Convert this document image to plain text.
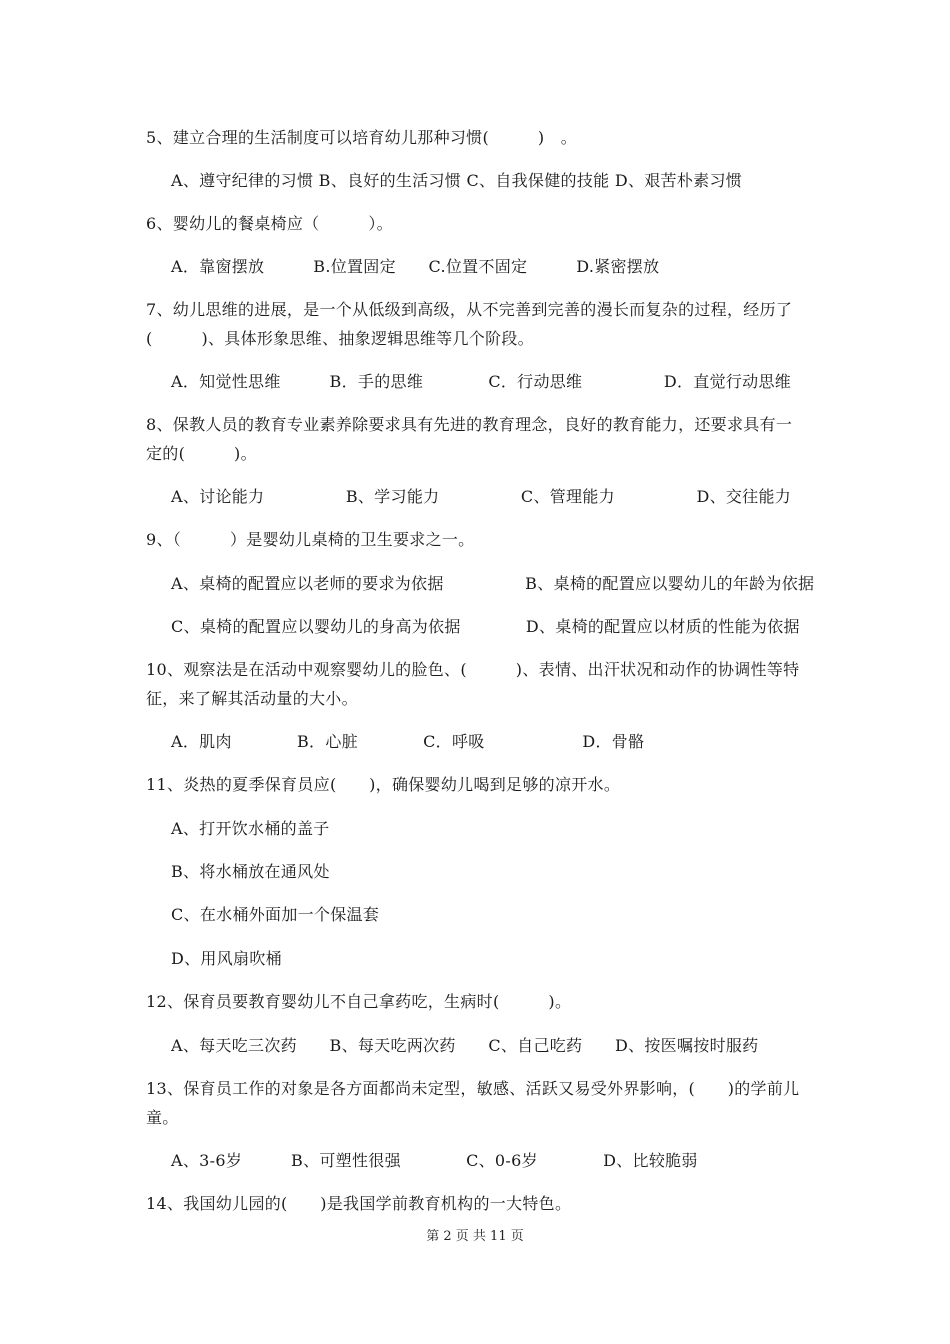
5、建立合理的生活制度可以培育幼儿那种习惯(　　　)　。
A、遵守纪律的习惯 B、良好的生活习惯 C、自我保健的技能 D、艰苦朴素习惯
6、婴幼儿的餐桌椅应（　　　）。
A．靠窗摆放　　　B.位置固定　　C.位置不固定　　　D.紧密摆放
7、幼儿思维的进展，是一个从低级到高级，从不完善到完善的漫长而复杂的过程，经历了
(　　　)、具体形象思维、抽象逻辑思维等几个阶段。
A．知觉性思维　　　B．手的思维　　　　C．行动思维　　　　　D．直觉行动思维
8、保教人员的教育专业素养除要求具有先进的教育理念，良好的教育能力，还要求具有一
定的(　　　)。
A、讨论能力　　　　　B、学习能力　　　　　C、管理能力　　　　　D、交往能力
9、（　　　）是婴幼儿桌椅的卫生要求之一。
A、桌椅的配置应以老师的要求为依据　　　　　B、桌椅的配置应以婴幼儿的年龄为依据
C、桌椅的配置应以婴幼儿的身高为依据　　　　D、桌椅的配置应以材质的性能为依据
10、观察法是在活动中观察婴幼儿的脸色、(　　　)、表情、出汗状况和动作的协调性等特
征，来了解其活动量的大小。
A．肌肉　　　　B．心脏　　　　C．呼吸　　　　　　D．骨骼
11、炎热的夏季保育员应(　　)，确保婴幼儿喝到足够的凉开水。
A、打开饮水桶的盖子
B、将水桶放在通风处
C、在水桶外面加一个保温套
D、用风扇吹桶
12、保育员要教育婴幼儿不自己拿药吃，生病时(　　　)。
A、每天吃三次药　　B、每天吃两次药　　C、自己吃药　　D、按医嘱按时服药
13、保育员工作的对象是各方面都尚未定型，敏感、活跃又易受外界影响，(　　)的学前儿
童。
A、3-6岁　　　B、可塑性很强　　　　C、0-6岁　　　　D、比较脆弱
14、我国幼儿园的(　　)是我国学前教育机构的一大特色。
第 2 页 共 11 页
